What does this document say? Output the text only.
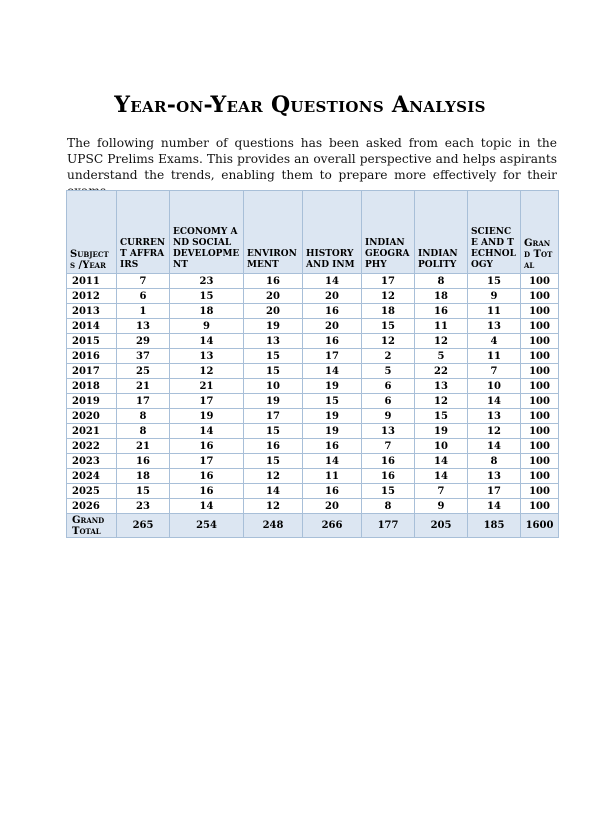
Year-on-Year Questions Analysis
The following number of questions has been asked from each topic in the UPSC Prelims Exams. This provides an overall perspective and helps aspirants understand the trends, enabling them to prepare more effectively for their
Subjects /Year	CURRENT AFFRAIRS	ECONOMY AND SOCIAL DEVELOPMENT	ENVIRONMENT	HISTORY AND INM	INDIAN GEOGRAPHY	INDIAN POLITY	SCIENCE AND TECHNOLOGY	Grand Total
2011	7	23	16	14	17	8	15	100
2012	6	15	20	20	12	18	9	100
2013	1	18	20	16	18	16	11	100
2014	13	9	19	20	15	11	13	100
2015	29	14	13	16	12	12	4	100
2016	37	13	15	17	2	5	11	100
2017	25	12	15	14	5	22	7	100
2018	21	21	10	19	6	13	10	100
2019	17	17	19	15	6	12	14	100
2020	8	19	17	19	9	15	13	100
2021	8	14	15	19	13	19	12	100
2022	21	16	16	16	7	10	14	100
2023	16	17	15	14	16	14	8	100
2024	18	16	12	11	16	14	13	100
2025	15	16	14	16	15	7	17	100
2026	23	14	12	20	8	9	14	100
Grand Total	265	254	248	266	177	205	185	1600
